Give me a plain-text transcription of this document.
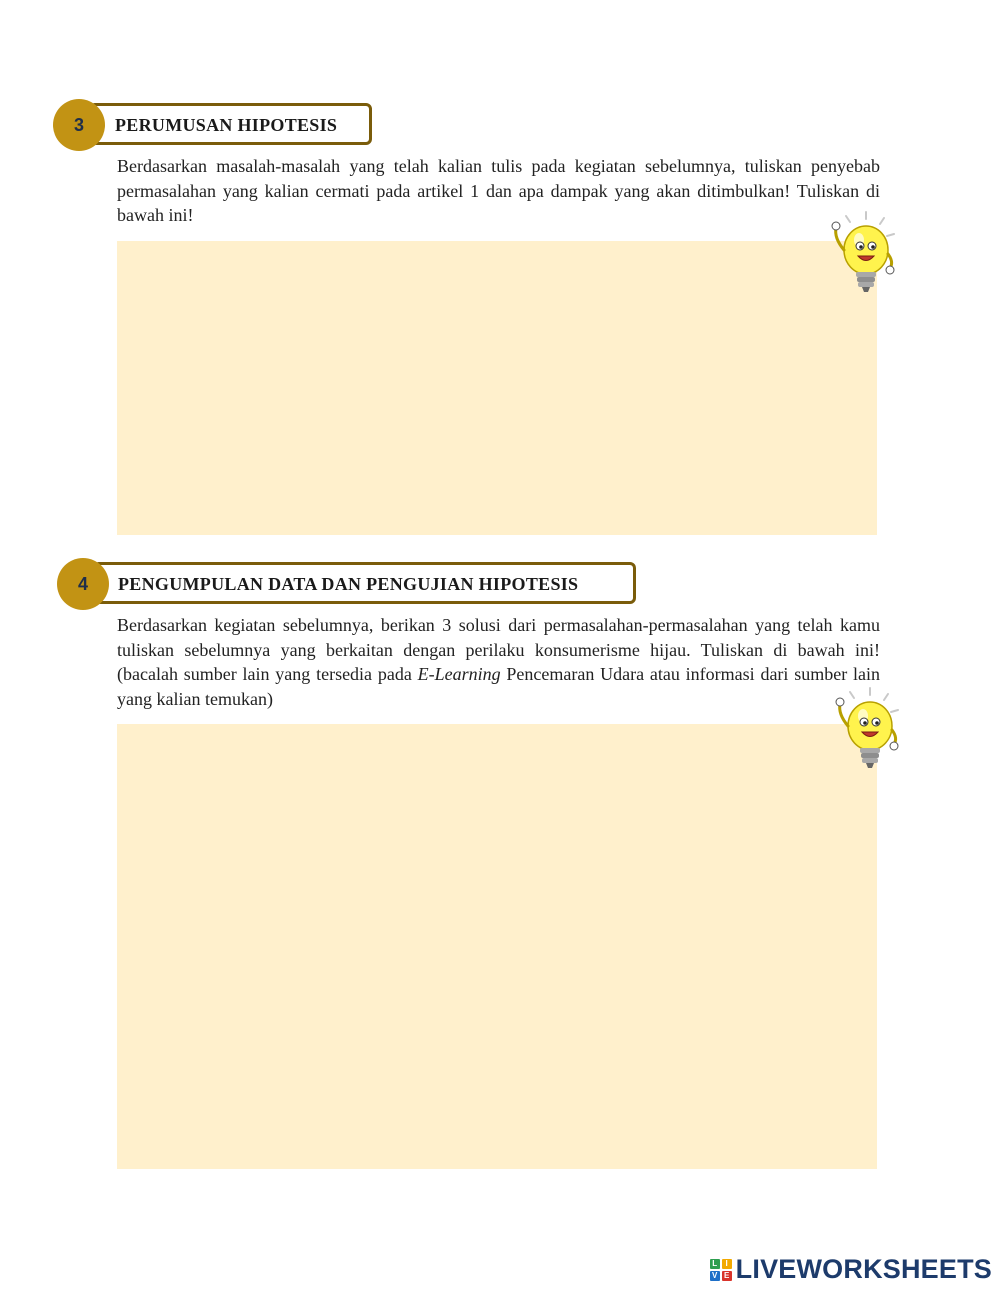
PERUMUSAN HIPOTESIS
3
Berdasarkan masalah-masalah yang telah kalian tulis pada kegiatan sebelumnya, tuliskan penyebab permasalahan yang kalian cermati pada artikel 1 dan apa dampak yang akan ditimbulkan! Tuliskan di bawah ini!
PENGUMPULAN DATA DAN PENGUJIAN HIPOTESIS
4
Berdasarkan kegiatan sebelumnya, berikan 3 solusi dari permasalahan-permasalahan yang telah kamu tuliskan sebelumnya yang berkaitan dengan perilaku konsumerisme hijau. Tuliskan di bawah ini! (bacalah sumber lain yang tersedia pada E-Learning Pencemaran Udara atau informasi dari sumber lain yang kalian temukan)
L	I
V E LIVEWORKSHEETS
